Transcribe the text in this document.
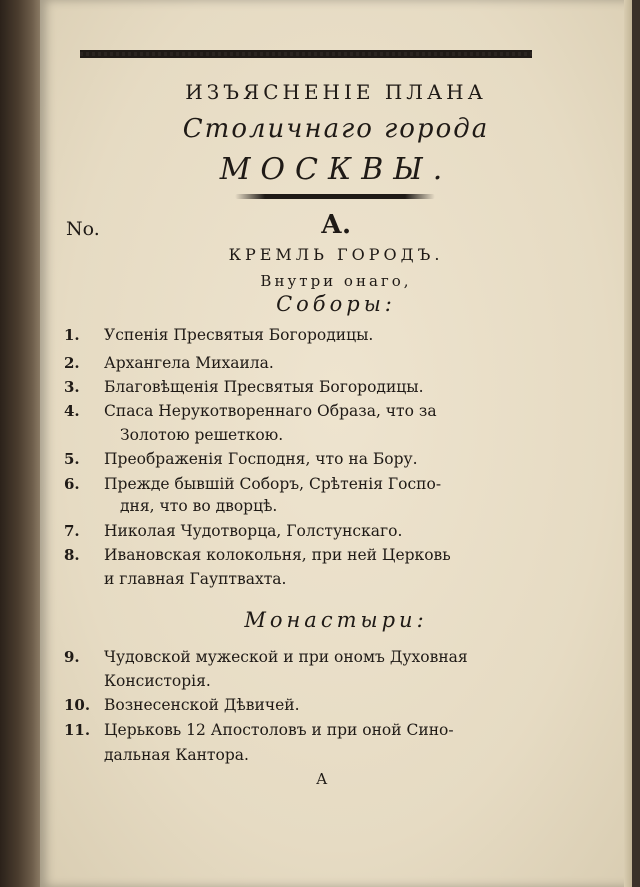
ИЗЪЯСНЕНІЕ ПЛАНА
Столичнаго города
МОСКВЫ.
No.	А.
КРЕМЛЬ ГОРОДЪ.
Внутри онаго,
Соборы:
1. Успенія Пресвятыя Богородицы.
2. Архангела Михаила.
3. Благовѣщенія Пресвятыя Богородицы.
4. Спаса Нерукотвореннаго Образа, что за
Золотою решеткою.
5. Преображенія Господня, что на Бору.
6. Прежде бывшій Соборъ, Срѣтенія Госпо-
дня, что во дворцѣ.
7. Николая Чудотворца, Голстунскаго.
8. Ивановская колокольня, при ней Церковь
и главная Гауптвахта.
Монастыри:
9. Чудовской мужеской и при ономъ Духовная
Консисторія.
10. Вознесенской Дѣвичей.
11. Церьковь 12 Апостоловъ и при оной Сино-
дальная Кантора.
А
